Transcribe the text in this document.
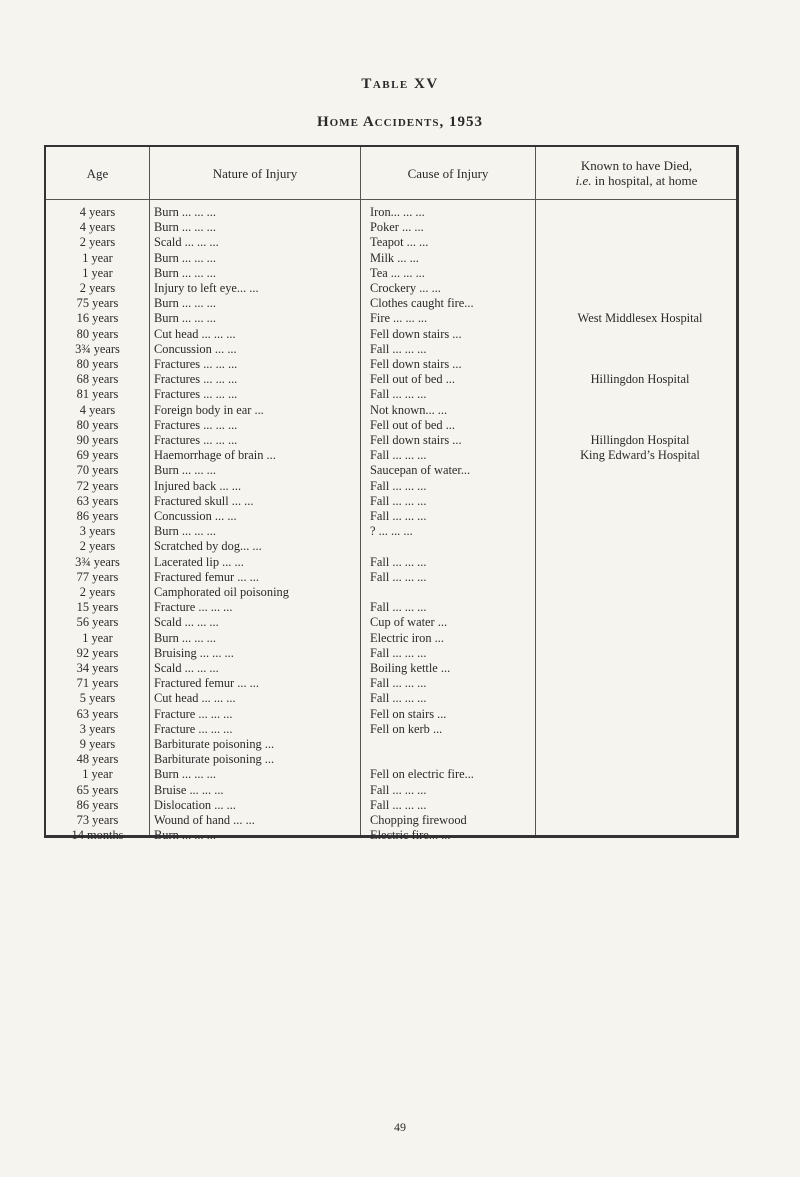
Table XV
Home Accidents, 1953
Age	Nature of Injury	Cause of Injury	Known to have Died,
i.e. in hospital, at home
4 years	Burn ... ... ...	Iron... ... ...
4 years	Burn ... ... ...	Poker ... ...
2 years	Scald ... ... ...	Teapot ... ...
1 year	Burn ... ... ...	Milk ... ...
1 year	Burn ... ... ...	Tea ... ... ...
2 years	Injury to left eye... ...	Crockery ... ...
75 years	Burn ... ... ...	Clothes caught fire...
16 years	Burn ... ... ...	Fire ... ... ...	West Middlesex Hospital
80 years	Cut head ... ... ...	Fell down stairs ...
3¾ years	Concussion ... ...	Fall ... ... ...
80 years	Fractures ... ... ...	Fell down stairs ...
68 years	Fractures ... ... ...	Fell out of bed ...	Hillingdon Hospital
81 years	Fractures ... ... ...	Fall ... ... ...
4 years	Foreign body in ear ...	Not known... ...
80 years	Fractures ... ... ...	Fell out of bed ...
90 years	Fractures ... ... ...	Fell down stairs ...	Hillingdon Hospital
69 years	Haemorrhage of brain ...	Fall ... ... ...	King Edward’s Hospital
70 years	Burn ... ... ...	Saucepan of water...
72 years	Injured back ... ...	Fall ... ... ...
63 years	Fractured skull ... ...	Fall ... ... ...
86 years	Concussion ... ...	Fall ... ... ...
3 years	Burn ... ... ...	? ... ... ...
2 years	Scratched by dog... ...
3¾ years	Lacerated lip ... ...	Fall ... ... ...
77 years	Fractured femur ... ...	Fall ... ... ...
2 years	Camphorated oil poisoning
15 years	Fracture ... ... ...	Fall ... ... ...
56 years	Scald ... ... ...	Cup of water ...
1 year	Burn ... ... ...	Electric iron ...
92 years	Bruising ... ... ...	Fall ... ... ...
34 years	Scald ... ... ...	Boiling kettle ...
71 years	Fractured femur ... ...	Fall ... ... ...
5 years	Cut head ... ... ...	Fall ... ... ...
63 years	Fracture ... ... ...	Fell on stairs ...
3 years	Fracture ... ... ...	Fell on kerb ...
9 years	Barbiturate poisoning ...
48 years	Barbiturate poisoning ...
1 year	Burn ... ... ...	Fell on electric fire...
65 years	Bruise ... ... ...	Fall ... ... ...
86 years	Dislocation ... ...	Fall ... ... ...
73 years	Wound of hand ... ...	Chopping firewood
14 months	Burn ... ... ...	Electric fire... ...
49
